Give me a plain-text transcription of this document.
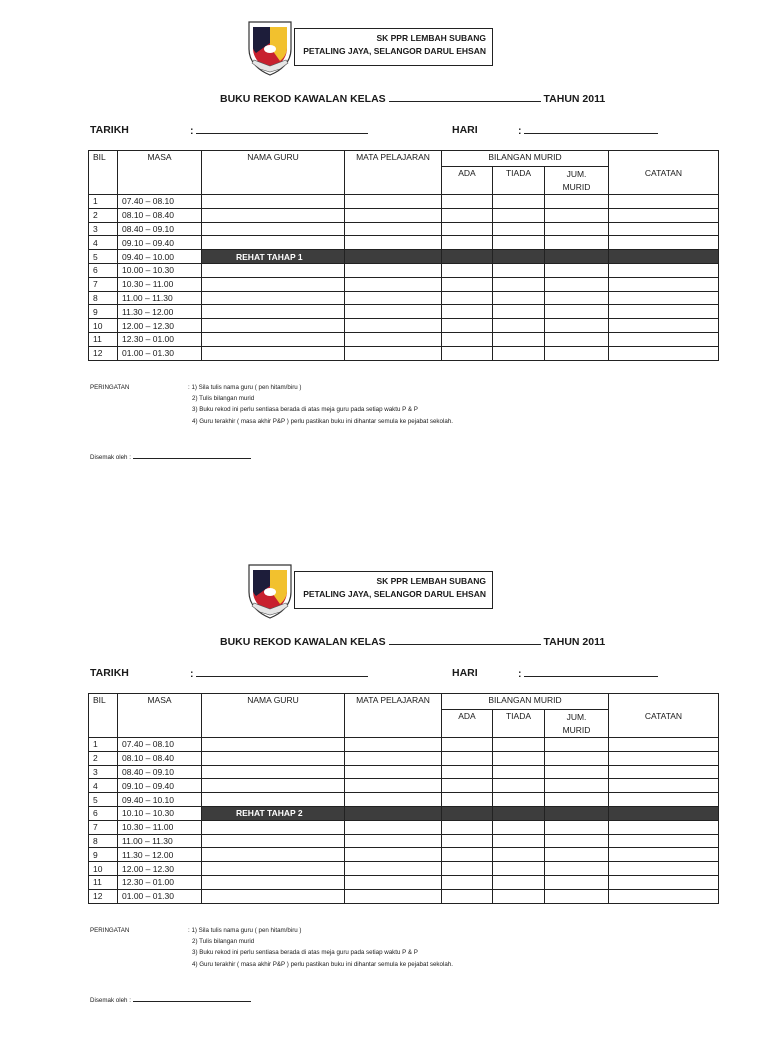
SK PPR LEMBAH SUBANG
PETALING JAYA, SELANGOR DARUL EHSAN
BUKU REKOD KAWALAN KELAS	TAHUN 2011
TARIKH	:	HARI	:
BIL	MASA	NAMA GURU	MATA PELAJARAN	BILANGAN MURID			CATATAN
				ADA	TIADA	JUM.
MURID	

1	07.40 – 08.10						
2	08.10 – 08.40						
3	08.40 – 09.10						
4	09.10 – 09.40						
5	09.40 – 10.00	REHAT TAHAP 1					
6	10.00 – 10.30						
7	10.30 – 11.00						
8	11.00 – 11.30						
9	11.30 – 12.00						
10	12.00 – 12.30						
11	12.30 – 01.00						
12	01.00 – 01.30						
PERINGATAN	: 1) Sila tulis nama guru ( pen hitam/biru )
2) Tulis bilangan murid
3) Buku rekod ini perlu sentiasa berada di atas meja guru pada setiap waktu P & P
4) Guru terakhir ( masa akhir P&P ) perlu pastikan buku ini dihantar semula ke pejabat sekolah.
Disemak oleh :
SK PPR LEMBAH SUBANG
PETALING JAYA, SELANGOR DARUL EHSAN
BUKU REKOD KAWALAN KELAS	TAHUN 2011
TARIKH	:	HARI	:
BIL	MASA	NAMA GURU	MATA PELAJARAN	BILANGAN MURID			CATATAN
				ADA	TIADA	JUM.
MURID	

1	07.40 – 08.10						
2	08.10 – 08.40						
3	08.40 – 09.10						
4	09.10 – 09.40						
5	09.40 – 10.10						
6	10.10 – 10.30	REHAT TAHAP 2					
7	10.30 – 11.00						
8	11.00 – 11.30						
9	11.30 – 12.00						
10	12.00 – 12.30						
11	12.30 – 01.00						
12	01.00 – 01.30						
PERINGATAN	: 1) Sila tulis nama guru ( pen hitam/biru )
2) Tulis bilangan murid
3) Buku rekod ini perlu sentiasa berada di atas meja guru pada setiap waktu P & P
4) Guru terakhir ( masa akhir P&P ) perlu pastikan buku ini dihantar semula ke pejabat sekolah.
Disemak oleh :
